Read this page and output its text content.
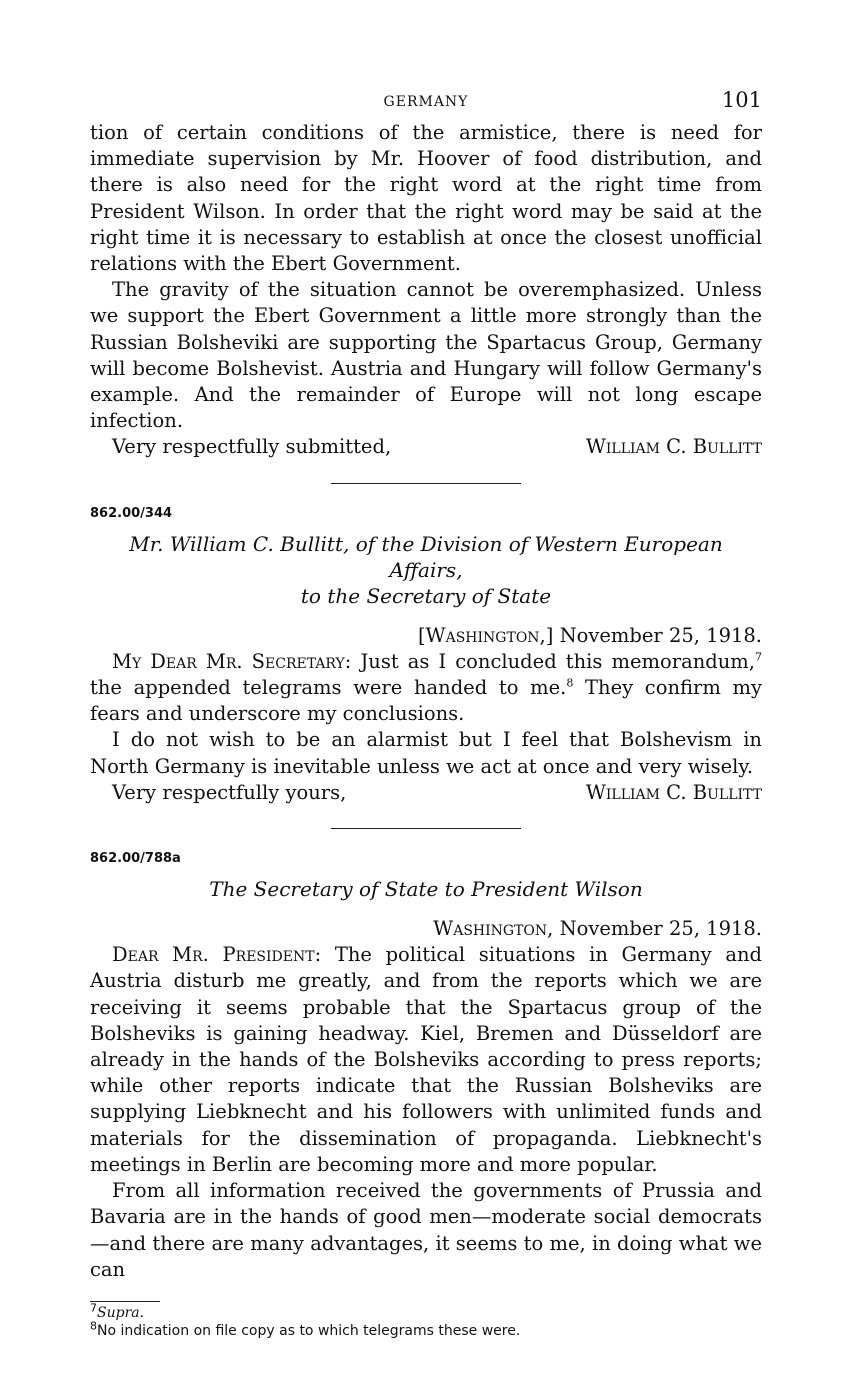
GERMANY	101

tion of certain conditions of the armistice, there is need for immediate supervision by Mr. Hoover of food distribution, and there is also need for the right word at the right time from President Wilson. In order that the right word may be said at the right time it is necessary to establish at once the closest unofficial relations with the Ebert Government.

The gravity of the situation cannot be overemphasized. Unless we support the Ebert Government a little more strongly than the Russian Bolsheviki are supporting the Spartacus Group, Germany will become Bolshevist. Austria and Hungary will follow Germany's example. And the remainder of Europe will not long escape infection.

Very respectfully submitted,	William C. Bullitt
862.00/344
Mr. William C. Bullitt, of the Division of Western European Affairs,
to the Secretary of State
[Washington,] November 25, 1918.

My Dear Mr. Secretary: Just as I concluded this memorandum,$^7$ the appended telegrams were handed to me.$^8$ They confirm my fears and underscore my conclusions.

I do not wish to be an alarmist but I feel that Bolshevism in North Germany is inevitable unless we act at once and very wisely.

Very respectfully yours,	William C. Bullitt
862.00/788a
The Secretary of State to President Wilson
Washington, November 25, 1918.

Dear Mr. President: The political situations in Germany and Austria disturb me greatly, and from the reports which we are receiving it seems probable that the Spartacus group of the Bolsheviks is gaining headway. Kiel, Bremen and Düsseldorf are already in the hands of the Bolsheviks according to press reports; while other reports indicate that the Russian Bolsheviks are supplying Liebknecht and his followers with unlimited funds and materials for the dissemination of propaganda. Liebknecht's meetings in Berlin are becoming more and more popular.

From all information received the governments of Prussia and Bavaria are in the hands of good men—moderate social democrats—and there are many advantages, it seems to me, in doing what we can

$^7$Supra.
$^8$No indication on file copy as to which telegrams these were.
